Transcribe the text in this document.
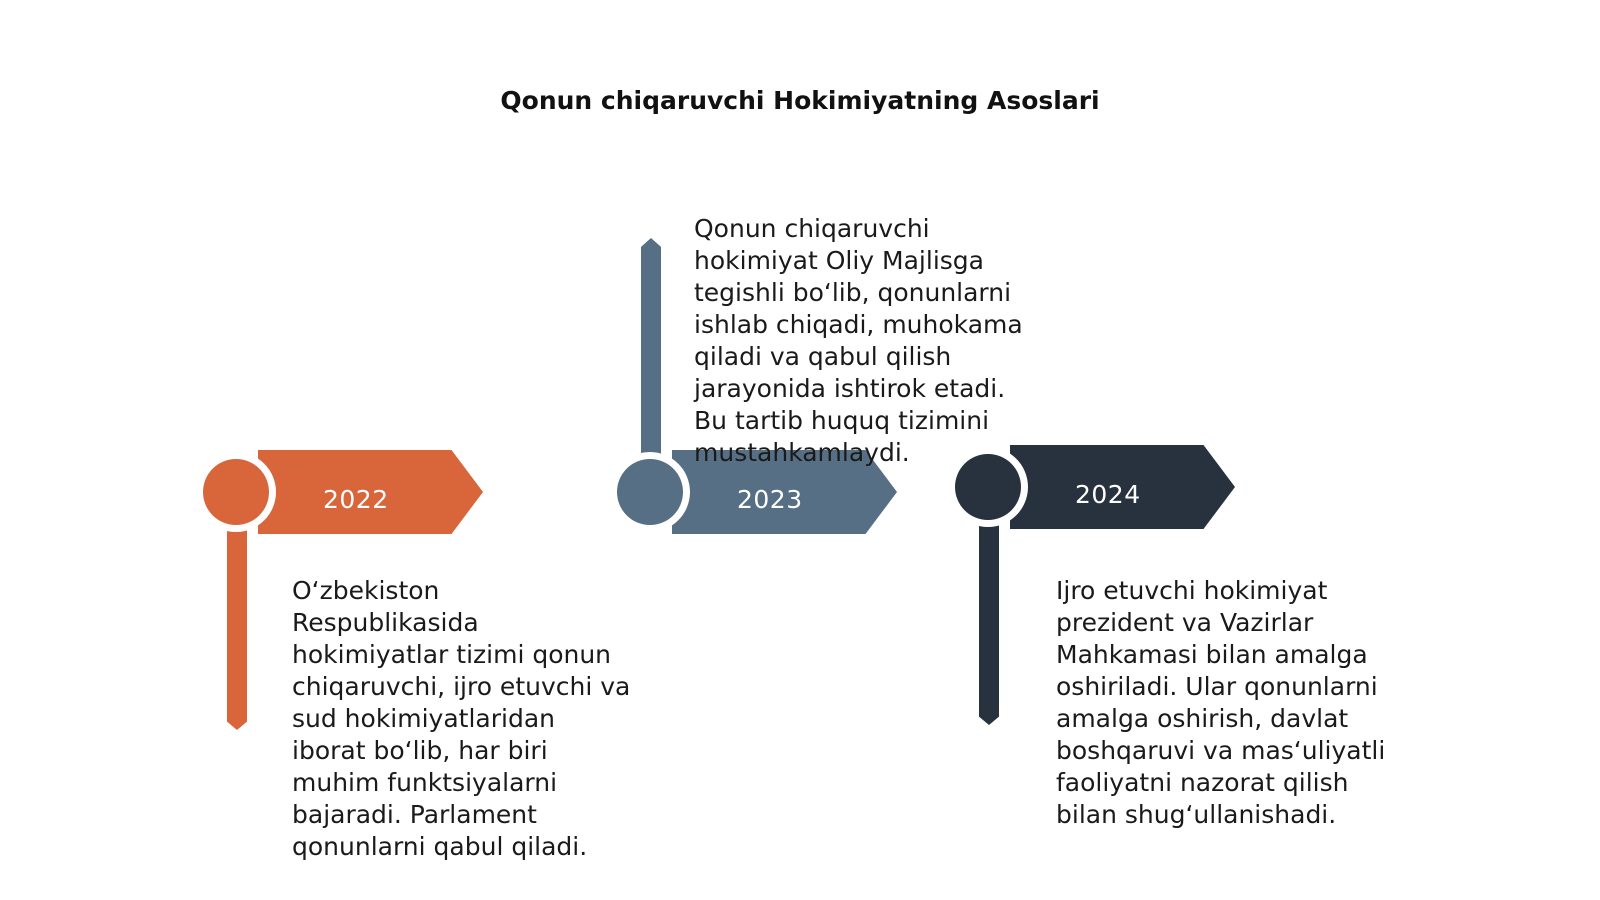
Qonun chiqaruvchi Hokimiyatning Asoslari
2022
O‘zbekiston
Respublikasida
hokimiyatlar tizimi qonun
chiqaruvchi, ijro etuvchi va
sud hokimiyatlaridan
iborat bo‘lib, har biri
muhim funktsiyalarni
bajaradi. Parlament
qonunlarni qabul qiladi.
2023
Qonun chiqaruvchi
hokimiyat Oliy Majlisga
tegishli bo‘lib, qonunlarni
ishlab chiqadi, muhokama
qiladi va qabul qilish
jarayonida ishtirok etadi.
Bu tartib huquq tizimini
mustahkamlaydi.
2024
Ijro etuvchi hokimiyat
prezident va Vazirlar
Mahkamasi bilan amalga
oshiriladi. Ular qonunlarni
amalga oshirish, davlat
boshqaruvi va mas‘uliyatli
faoliyatni nazorat qilish
bilan shug‘ullanishadi.
